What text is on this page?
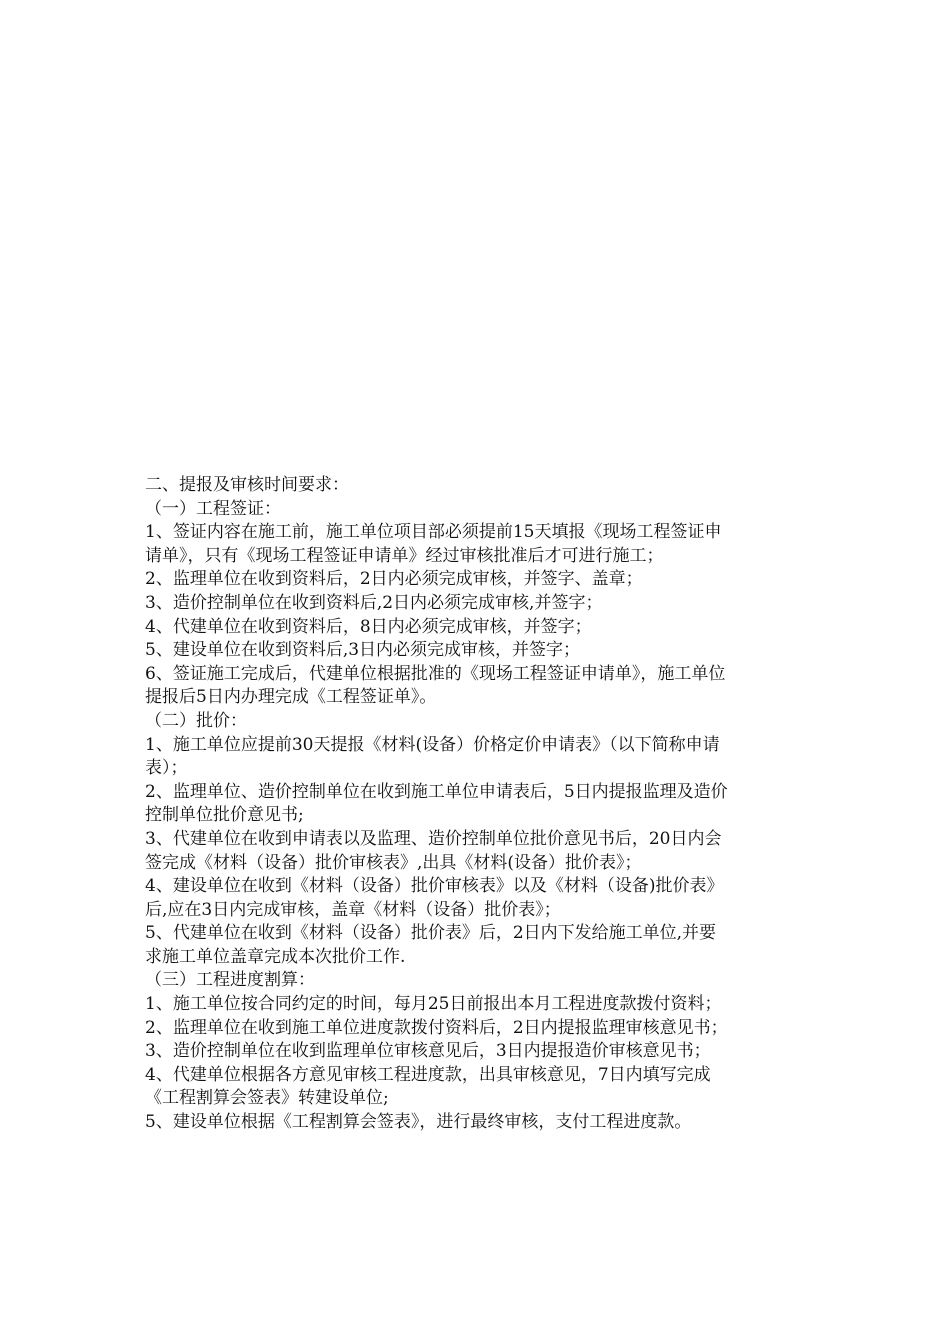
二、提报及审核时间要求：
（一）工程签证：
1、签证内容在施工前，施工单位项目部必须提前15天填报《现场工程签证申
请单》，只有《现场工程签证申请单》经过审核批准后才可进行施工；
2、监理单位在收到资料后，2日内必须完成审核，并签字、盖章；
3、造价控制单位在收到资料后,2日内必须完成审核,并签字；
4、代建单位在收到资料后，8日内必须完成审核，并签字；
5、建设单位在收到资料后,3日内必须完成审核，并签字；
6、签证施工完成后，代建单位根据批准的《现场工程签证申请单》，施工单位
提报后5日内办理完成《工程签证单》。
（二）批价：
1、施工单位应提前30天提报《材料(设备）价格定价申请表》（以下简称申请
表）；
2、监理单位、造价控制单位在收到施工单位申请表后，5日内提报监理及造价
控制单位批价意见书;
3、代建单位在收到申请表以及监理、造价控制单位批价意见书后，20日内会
签完成《材料（设备）批价审核表》,出具《材料(设备）批价表》；
4、建设单位在收到《材料（设备）批价审核表》以及《材料（设备)批价表》
后,应在3日内完成审核，盖章《材料（设备）批价表》；
5、代建单位在收到《材料（设备）批价表》后，2日内下发给施工单位,并要
求施工单位盖章完成本次批价工作.
（三）工程进度割算：
1、施工单位按合同约定的时间，每月25日前报出本月工程进度款拨付资料；
2、监理单位在收到施工单位进度款拨付资料后，2日内提报监理审核意见书；
3、造价控制单位在收到监理单位审核意见后，3日内提报造价审核意见书；
4、代建单位根据各方意见审核工程进度款，出具审核意见，7日内填写完成
《工程割算会签表》转建设单位;
5、建设单位根据《工程割算会签表》，进行最终审核，支付工程进度款。
